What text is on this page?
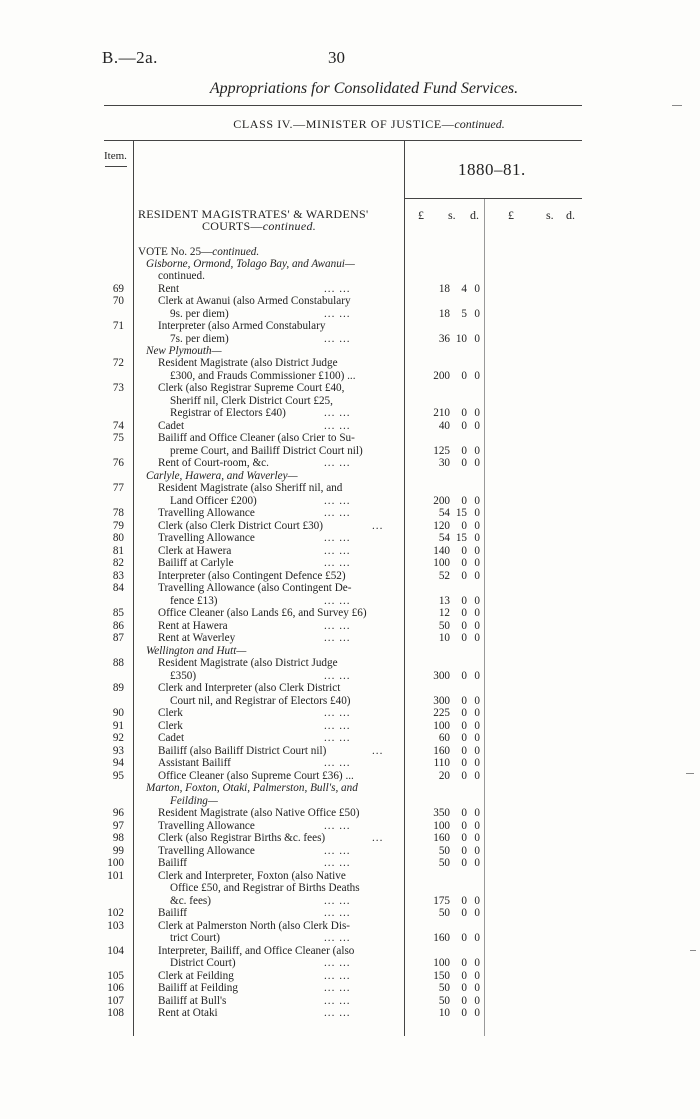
B.—2a.	30
Appropriations for Consolidated Fund Services.
CLASS IV.—MINISTER OF JUSTICE—continued.
Item.
1880–81.
RESIDENT MAGISTRATES' & WARDENS'
COURTS—continued.
£ s. d. £	s. d.
VOTE No. 25—continued.
Gisborne, Ormond, Tolago Bay, and Awanui—
continued.
69	Rent	... ...	18	4 0
70	Clerk at Awanui (also Armed Constabulary
9s. per diem)	... ...	18	5 0
71	Interpreter (also Armed Constabulary
7s. per diem)	... ...	36 10 0
New Plymouth—
72	Resident Magistrate (also District Judge
£300, and Frauds Commissioner £100) ...	200	0 0
73	Clerk (also Registrar Supreme Court £40,
Sheriff nil, Clerk District Court £25,
Registrar of Electors £40)	... ...	210	0 0
74	Cadet	... ...	40	0 0
75	Bailiff and Office Cleaner (also Crier to Su-
preme Court, and Bailiff District Court nil)	125	0 0
76	Rent of Court-room, &c.	... ...	30	0 0
Carlyle, Hawera, and Waverley—
77	Resident Magistrate (also Sheriff nil, and
Land Officer £200)	... ...	200	0 0
78	Travelling Allowance	... ...	54 15 0
79	Clerk (also Clerk District Court £30)	...	120	0 0
80	Travelling Allowance	... ...	54 15 0
81	Clerk at Hawera	... ...	140	0 0
82	Bailiff at Carlyle	... ...	100	0 0
83	Interpreter (also Contingent Defence £52)	52	0 0
84	Travelling Allowance (also Contingent De-
fence £13)	... ...	13	0 0
85	Office Cleaner (also Lands £6, and Survey £6)	12	0 0
86	Rent at Hawera	... ...	50	0 0
87	Rent at Waverley	... ...	10	0 0
Wellington and Hutt—
88	Resident Magistrate (also District Judge
£350)	... ...	300	0 0
89	Clerk and Interpreter (also Clerk District
Court nil, and Registrar of Electors £40)	300	0 0
90	Clerk	... ...	225	0 0
91	Clerk	... ...	100	0 0
92	Cadet	... ...	60	0 0
93	Bailiff (also Bailiff District Court nil)	...	160	0 0
94	Assistant Bailiff	... ...	110	0 0
95	Office Cleaner (also Supreme Court £36) ...	20	0 0
Marton, Foxton, Otaki, Palmerston, Bull's, and
Feilding—
96	Resident Magistrate (also Native Office £50)	350	0 0
97	Travelling Allowance	... ...	100	0 0
98	Clerk (also Registrar Births &c. fees)	...	160	0 0
99	Travelling Allowance	... ...	50	0 0
100	Bailiff	... ...	50	0 0
101	Clerk and Interpreter, Foxton (also Native
Office £50, and Registrar of Births Deaths
&c. fees)	... ...	175	0 0
102	Bailiff	... ...	50	0 0
103	Clerk at Palmerston North (also Clerk Dis-
trict Court)	... ...	160	0 0
104	Interpreter, Bailiff, and Office Cleaner (also
District Court)	... ...	100	0 0
105	Clerk at Feilding	... ...	150	0 0
106	Bailiff at Feilding	... ...	50	0 0
107	Bailiff at Bull's	... ...	50	0 0
108	Rent at Otaki	... ...	10	0 0
